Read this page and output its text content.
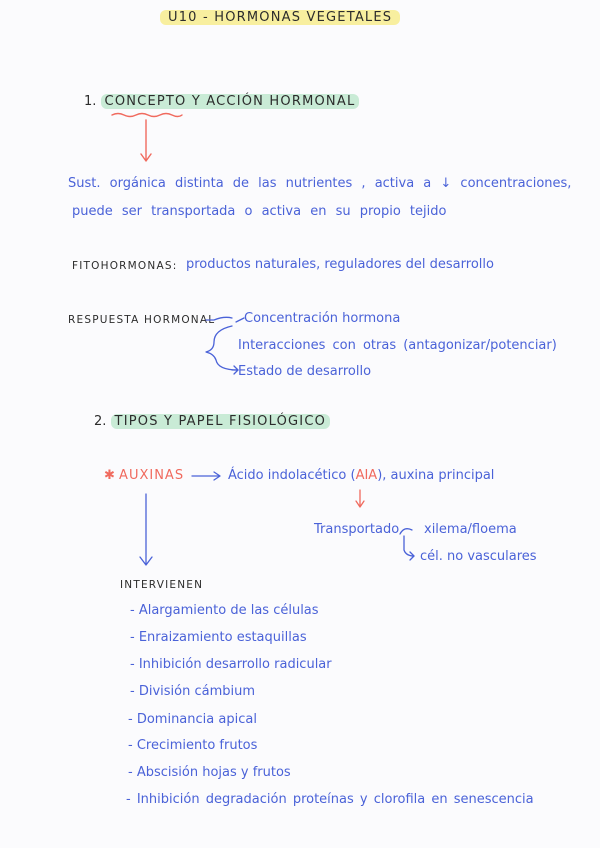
U10 - HORMONAS VEGETALES
1. CONCEPTO Y ACCIÓN HORMONAL
Sust. orgánica distinta de las nutrientes , activa a ↓ concentraciones,
puede ser transportada o activa en su propio tejido
FITOHORMONAS: productos naturales, reguladores del desarrollo
RESPUESTA HORMONAL Concentración hormona
Interacciones con otras (antagonizar/potenciar)
Estado de desarrollo
2. TIPOS Y PAPEL FISIOLÓGICO
✱ AUXINAS	Ácido indolacético (AIA), auxina principal
Transportado xilema/floema
cél. no vasculares
INTERVIENEN
- Alargamiento de las células
- Enraizamiento estaquillas
- Inhibición desarrollo radicular
- División cámbium
- Dominancia apical
- Crecimiento frutos
- Abscisión hojas y frutos
- Inhibición degradación proteínas y clorofila en senescencia
